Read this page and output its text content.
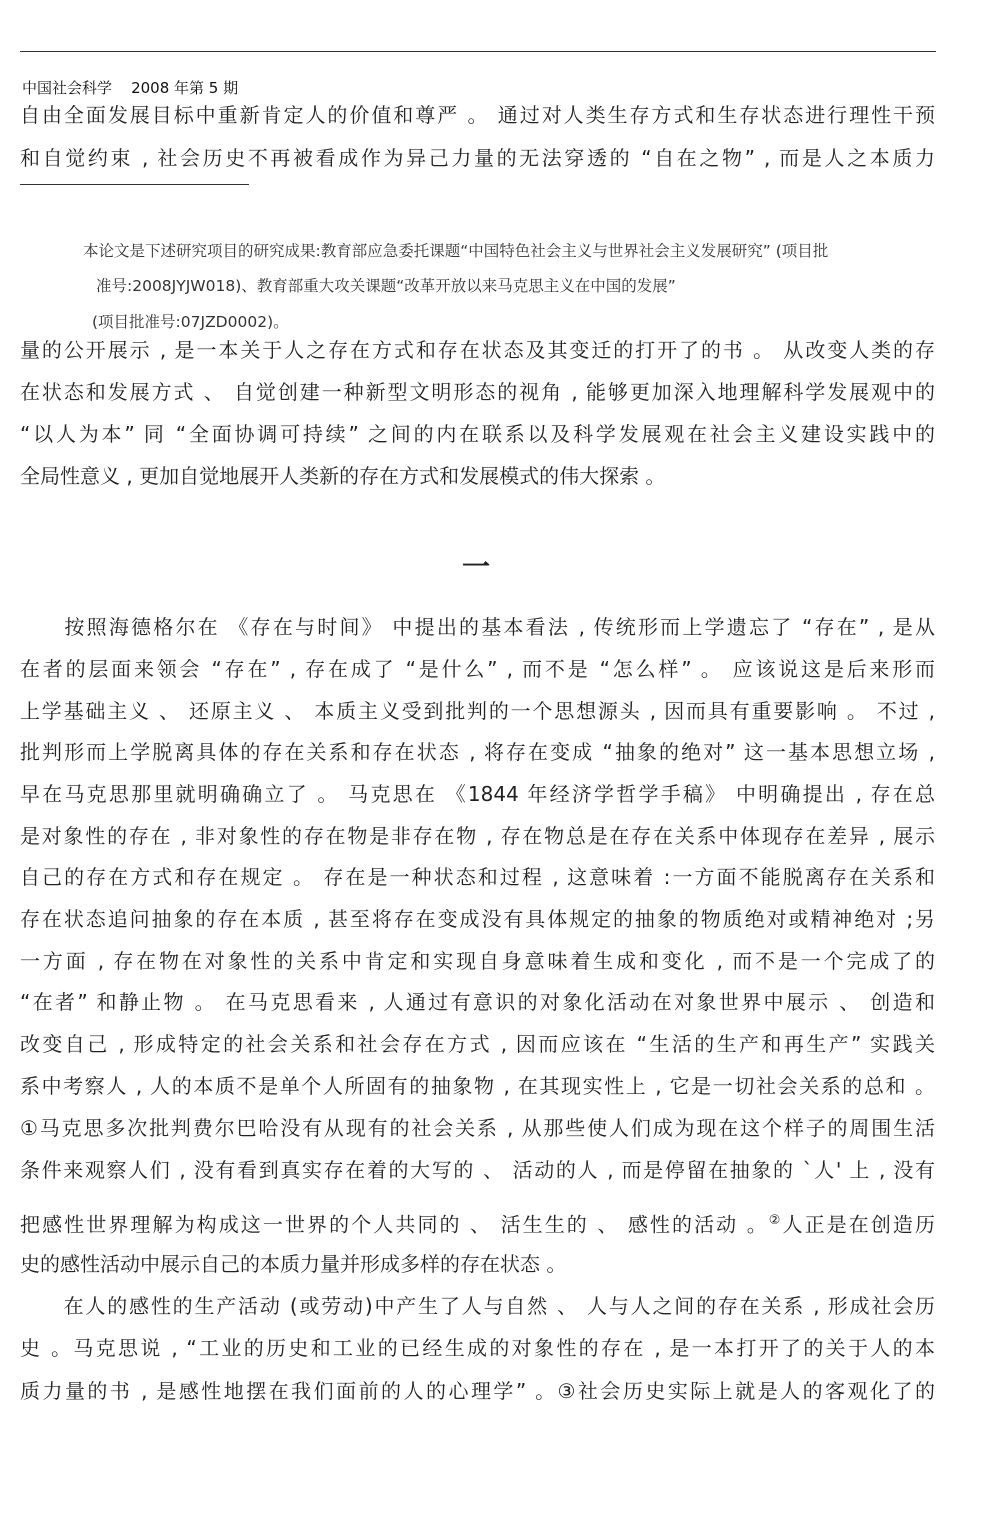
中国社会科学 2008 年第 5 期
自由全面发展目标中重新肯定人的价值和尊严 。 通过对人类生存方式和生存状态进行理性干预
和自觉约束 , 社会历史不再被看成作为异己力量的无法穿透的 “自在之物” , 而是人之本质力
本论文是下述研究项目的研究成果:教育部应急委托课题“中国特色社会主义与世界社会主义发展研究” (项目批
准号:2008JYJW018)、教育部重大攻关课题“改革开放以来马克思主义在中国的发展”
(项目批准号:07JZD0002)。
量的公开展示 , 是一本关于人之存在方式和存在状态及其变迁的打开了的书 。 从改变人类的存
在状态和发展方式 、 自觉创建一种新型文明形态的视角 , 能够更加深入地理解科学发展观中的
“以人为本” 同 “全面协调可持续” 之间的内在联系以及科学发展观在社会主义建设实践中的
全局性意义 , 更加自觉地展开人类新的存在方式和发展模式的伟大探索 。
一
把感性世界理解为构成这一世界的个人共同的 、 活生生的 、 感性的活动 。②人正是在创造历
　　按照海德格尔在 《存在与时间》 中提出的基本看法 , 传统形而上学遗忘了 “存在” , 是从
在者的层面来领会 “存在” , 存在成了 “是什么” , 而不是 “怎么样” 。 应该说这是后来形而
上学基础主义 、 还原主义 、 本质主义受到批判的一个思想源头 , 因而具有重要影响 。 不过 ,
批判形而上学脱离具体的存在关系和存在状态 , 将存在变成 “抽象的绝对” 这一基本思想立场 ,
早在马克思那里就明确确立了 。 马克思在 《1844 年经济学哲学手稿》 中明确提出 , 存在总
是对象性的存在 , 非对象性的存在物是非存在物 , 存在物总是在存在关系中体现存在差异 , 展示
自己的存在方式和存在规定 。 存在是一种状态和过程 , 这意味着 :一方面不能脱离存在关系和
存在状态追问抽象的存在本质 , 甚至将存在变成没有具体规定的抽象的物质绝对或精神绝对 ;另
一方面 , 存在物在对象性的关系中肯定和实现自身意味着生成和变化 , 而不是一个完成了的
“在者” 和静止物 。 在马克思看来 , 人通过有意识的对象化活动在对象世界中展示 、 创造和
改变自己 , 形成特定的社会关系和社会存在方式 , 因而应该在 “生活的生产和再生产” 实践关
系中考察人 , 人的本质不是单个人所固有的抽象物 , 在其现实性上 , 它是一切社会关系的总和 。
①马克思多次批判费尔巴哈没有从现有的社会关系 , 从那些使人们成为现在这个样子的周围生活
条件来观察人们 , 没有看到真实存在着的大写的 、 活动的人 , 而是停留在抽象的 `人' 上 , 没有
史的感性活动中展示自己的本质力量并形成多样的存在状态 。
　　在人的感性的生产活动 (或劳动)中产生了人与自然 、 人与人之间的存在关系 , 形成社会历
史 。马克思说 , “工业的历史和工业的已经生成的对象性的存在 , 是一本打开了的关于人的本
质力量的书 , 是感性地摆在我们面前的人的心理学” 。③社会历史实际上就是人的客观化了的
